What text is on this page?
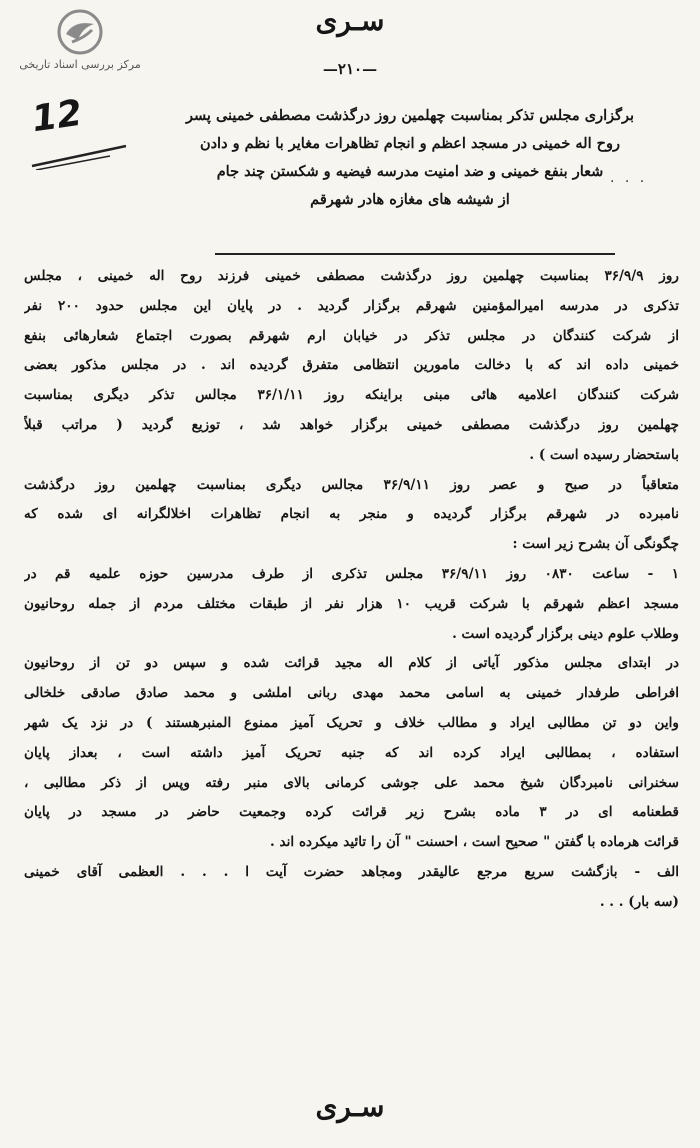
مرکز بررسی اسناد تاریخی
سـری
—۲۱۰—
12
. . .
برگزاری مجلس تذکر بمناسبت چهلمین روز درگذشت مصطفی خمینی پسر
روح اله خمینی در مسجد اعظم و انجام تظاهرات مغایر با نظم و دادن
شعار بنفع خمینی و ضد امنیت مدرسه فیضیه و شکستن چند جام
از شیشه های مغازه هادر شهرقم
روز ۳۶/۹/۹ بمناسبت چهلمین روز درگذشت مصطفی خمینی فرزند روح اله خمینی ، مجلس
تذکری در مدرسه امیرالمؤمنین شهرقم برگزار گردید . در پایان این مجلس حدود ۲۰۰ نفر
از شرکت کنندگان در مجلس تذکر در خیابان ارم شهرقم بصورت اجتماع شعارهائی بنفع
خمینی داده اند که با دخالت مامورین انتظامی متفرق گردیده اند . در مجلس مذکور بعضی
شرکت کنندگان اعلامیه هائی مبنی براینکه روز ۳۶/۱/۱۱ مجالس تذکر دیگری بمناسبت
چهلمین روز درگذشت مصطفی خمینی برگزار خواهد شد ، توزیع گردید ( مراتب قبلاً
باستحضار رسیده است ) .
متعاقباً در صبح و عصر روز ۳۶/۹/۱۱ مجالس دیگری بمناسبت چهلمین روز درگذشت
نامبرده در شهرقم برگزار گردیده و منجر به انجام تظاهرات اخلالگرانه ای شده که
چگونگی آن بشرح زیر است :
۱ - ساعت ۰۸۳۰ روز ۳۶/۹/۱۱ مجلس تذکری از طرف مدرسین حوزه علمیه قم در
مسجد اعظم شهرقم با شرکت قریب ۱۰ هزار نفر از طبقات مختلف مردم از جمله روحانیون
وطلاب علوم دینی برگزار گردیده است .
در ابتدای مجلس مذکور آیاتی از کلام اله مجید قرائت شده و سپس دو تن از روحانیون
افراطی طرفدار خمینی به اسامی محمد مهدی ربانی املشی و محمد صادق صادقی خلخالی
واین دو تن مطالبی ایراد و مطالب خلاف و تحریک آمیز ممنوع المنبرهستند ) در نزد یک شهر
استفاده ، بمطالبی ایراد کرده اند که جنبه تحریک آمیز داشته است ، بعداز پایان
سخنرانی نامبردگان شیخ محمد علی جوشی کرمانی بالای منبر رفته وپس از ذکر مطالبی ،
قطعنامه ای در ۳ ماده بشرح زیر قرائت کرده وجمعیت حاضر در مسجد در پایان
قرائت هرماده با گفتن " صحیح است ، احسنت " آن را تائید میکرده اند .
الف - بازگشت سریع مرجع عالیقدر ومجاهد حضرت آیت ا . . . العظمی آقای خمینی
(سه بار) . . .
سـری
